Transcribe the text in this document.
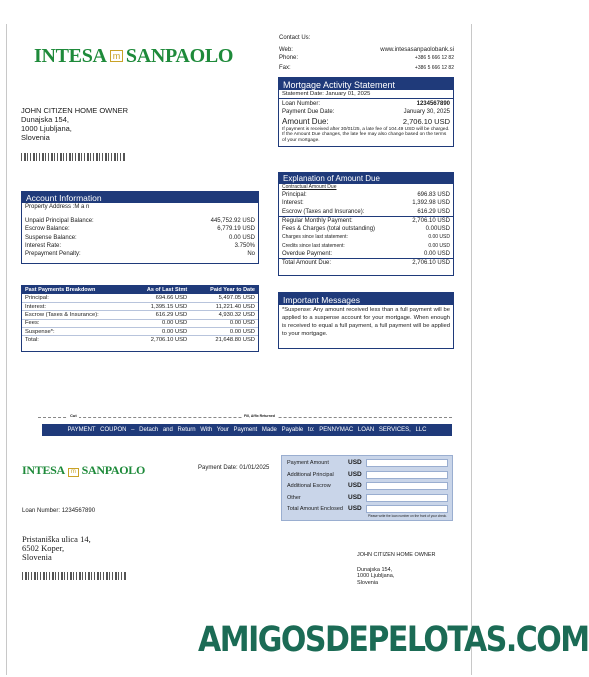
INTESA m SANPAOLO
Contact Us:
Web:	www.intesasanpaolobank.si
Phone:	+386 5 666 12 82
Fax:	+386 5 666 12 82
JOHN CITIZEN HOME OWNER
Dunajska 154,
1000 Ljubljana,
Slovenia
Mortgage Activity Statement
Statement Date: January 01, 2025
Loan Number:	1234567890
Payment Due Date:	January 30, 2025
Amount Due:	2,706.10 USD
If payment is received after 30/01/25, a late fee of 104.49 USD will be charged. If the Amount Due changes, the late fee may also change based on the terms of your mortgage.
Explanation of Amount Due
Contractual Amount Due
Principal:	696.83 USD
Interest:	1,392.98 USD
Escrow (Taxes and Insurance):	616.29 USD
Regular Monthly Payment:	2,706.10 USD
Fees & Charges (total outstanding)	0.00USD
Charges since last statement:	0.00 USD
Credits since last statement:	0.00 USD
Overdue Payment:	0.00 USD
Total Amount Due:	2,706.10 USD
Account Information
Property Address :M a n
Unpaid Principal Balance:	445,752.92 USD
Escrow Balance:	6,779.19 USD
Suspense Balance:	0.00 USD
Interest Rate:	3.750%
Prepayment Penalty:	No
Past Payments Breakdown	As of Last Stmt	Paid Year to Date
Principal:	694.66 USD	5,497.05 USD
Interest:	1,395.15 USD	11,221.40 USD
Escrow (Taxes & Insurance):	616.29 USD	4,930.32 USD
Fees:	0.00 USD	0.00 USD
Suspense*:	0.00 USD	0.00 USD
Total:	2,706.10 USD	21,648.80 USD
Important Messages
*Suspense: Any amount received less than a full payment will be applied to a suspense account for your mortgage. When enough is received to equal a full payment, a full payment will be applied to your mortgage.
Cut	Fill, Affix Returned
PAYMENT COUPON – Detach and Return With Your Payment Made Payable to: PENNYMAC LOAN SERVICES, LLC
INTESA m SANPAOLO	Payment Date: 01/01/2025
Loan Number: 1234567890
Please write the loan number on the front of your check.
Payment Amount	USD
Additional Principal USD
Additional Escrow	USD
Other	USD
Total Amount Enclosed USD
Pristaniška ulica 14,
6502 Koper,
Slovenia	JOHN CITIZEN HOME OWNER
Dunajska 154,
1000 Ljubljana,
Slovenia
AMIGOSDEPELOTAS.COM
